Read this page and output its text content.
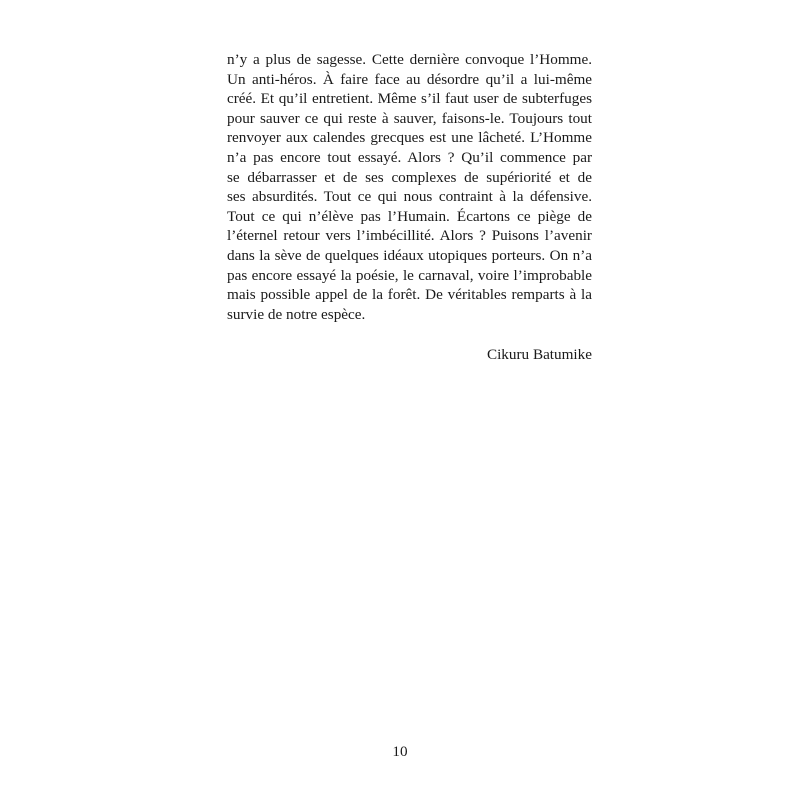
n’y a plus de sagesse. Cette dernière convoque l’Homme.
Un anti-héros. À faire face au désordre qu’il a lui-même
créé. Et qu’il entretient. Même s’il faut user de subterfuges
pour sauver ce qui reste à sauver, faisons-le. Toujours tout
renvoyer aux calendes grecques est une lâcheté. L’Homme
n’a pas encore tout essayé. Alors ? Qu’il commence par
se débarrasser et de ses complexes de supériorité et de
ses absurdités. Tout ce qui nous contraint à la défensive.
Tout ce qui n’élève pas l’Humain. Écartons ce piège de
l’éternel retour vers l’imbécillité. Alors ? Puisons l’avenir
dans la sève de quelques idéaux utopiques porteurs. On n’a
pas encore essayé la poésie, le carnaval, voire l’improbable
mais possible appel de la forêt. De véritables remparts à la
survie de notre espèce.
Cikuru Batumike
10
